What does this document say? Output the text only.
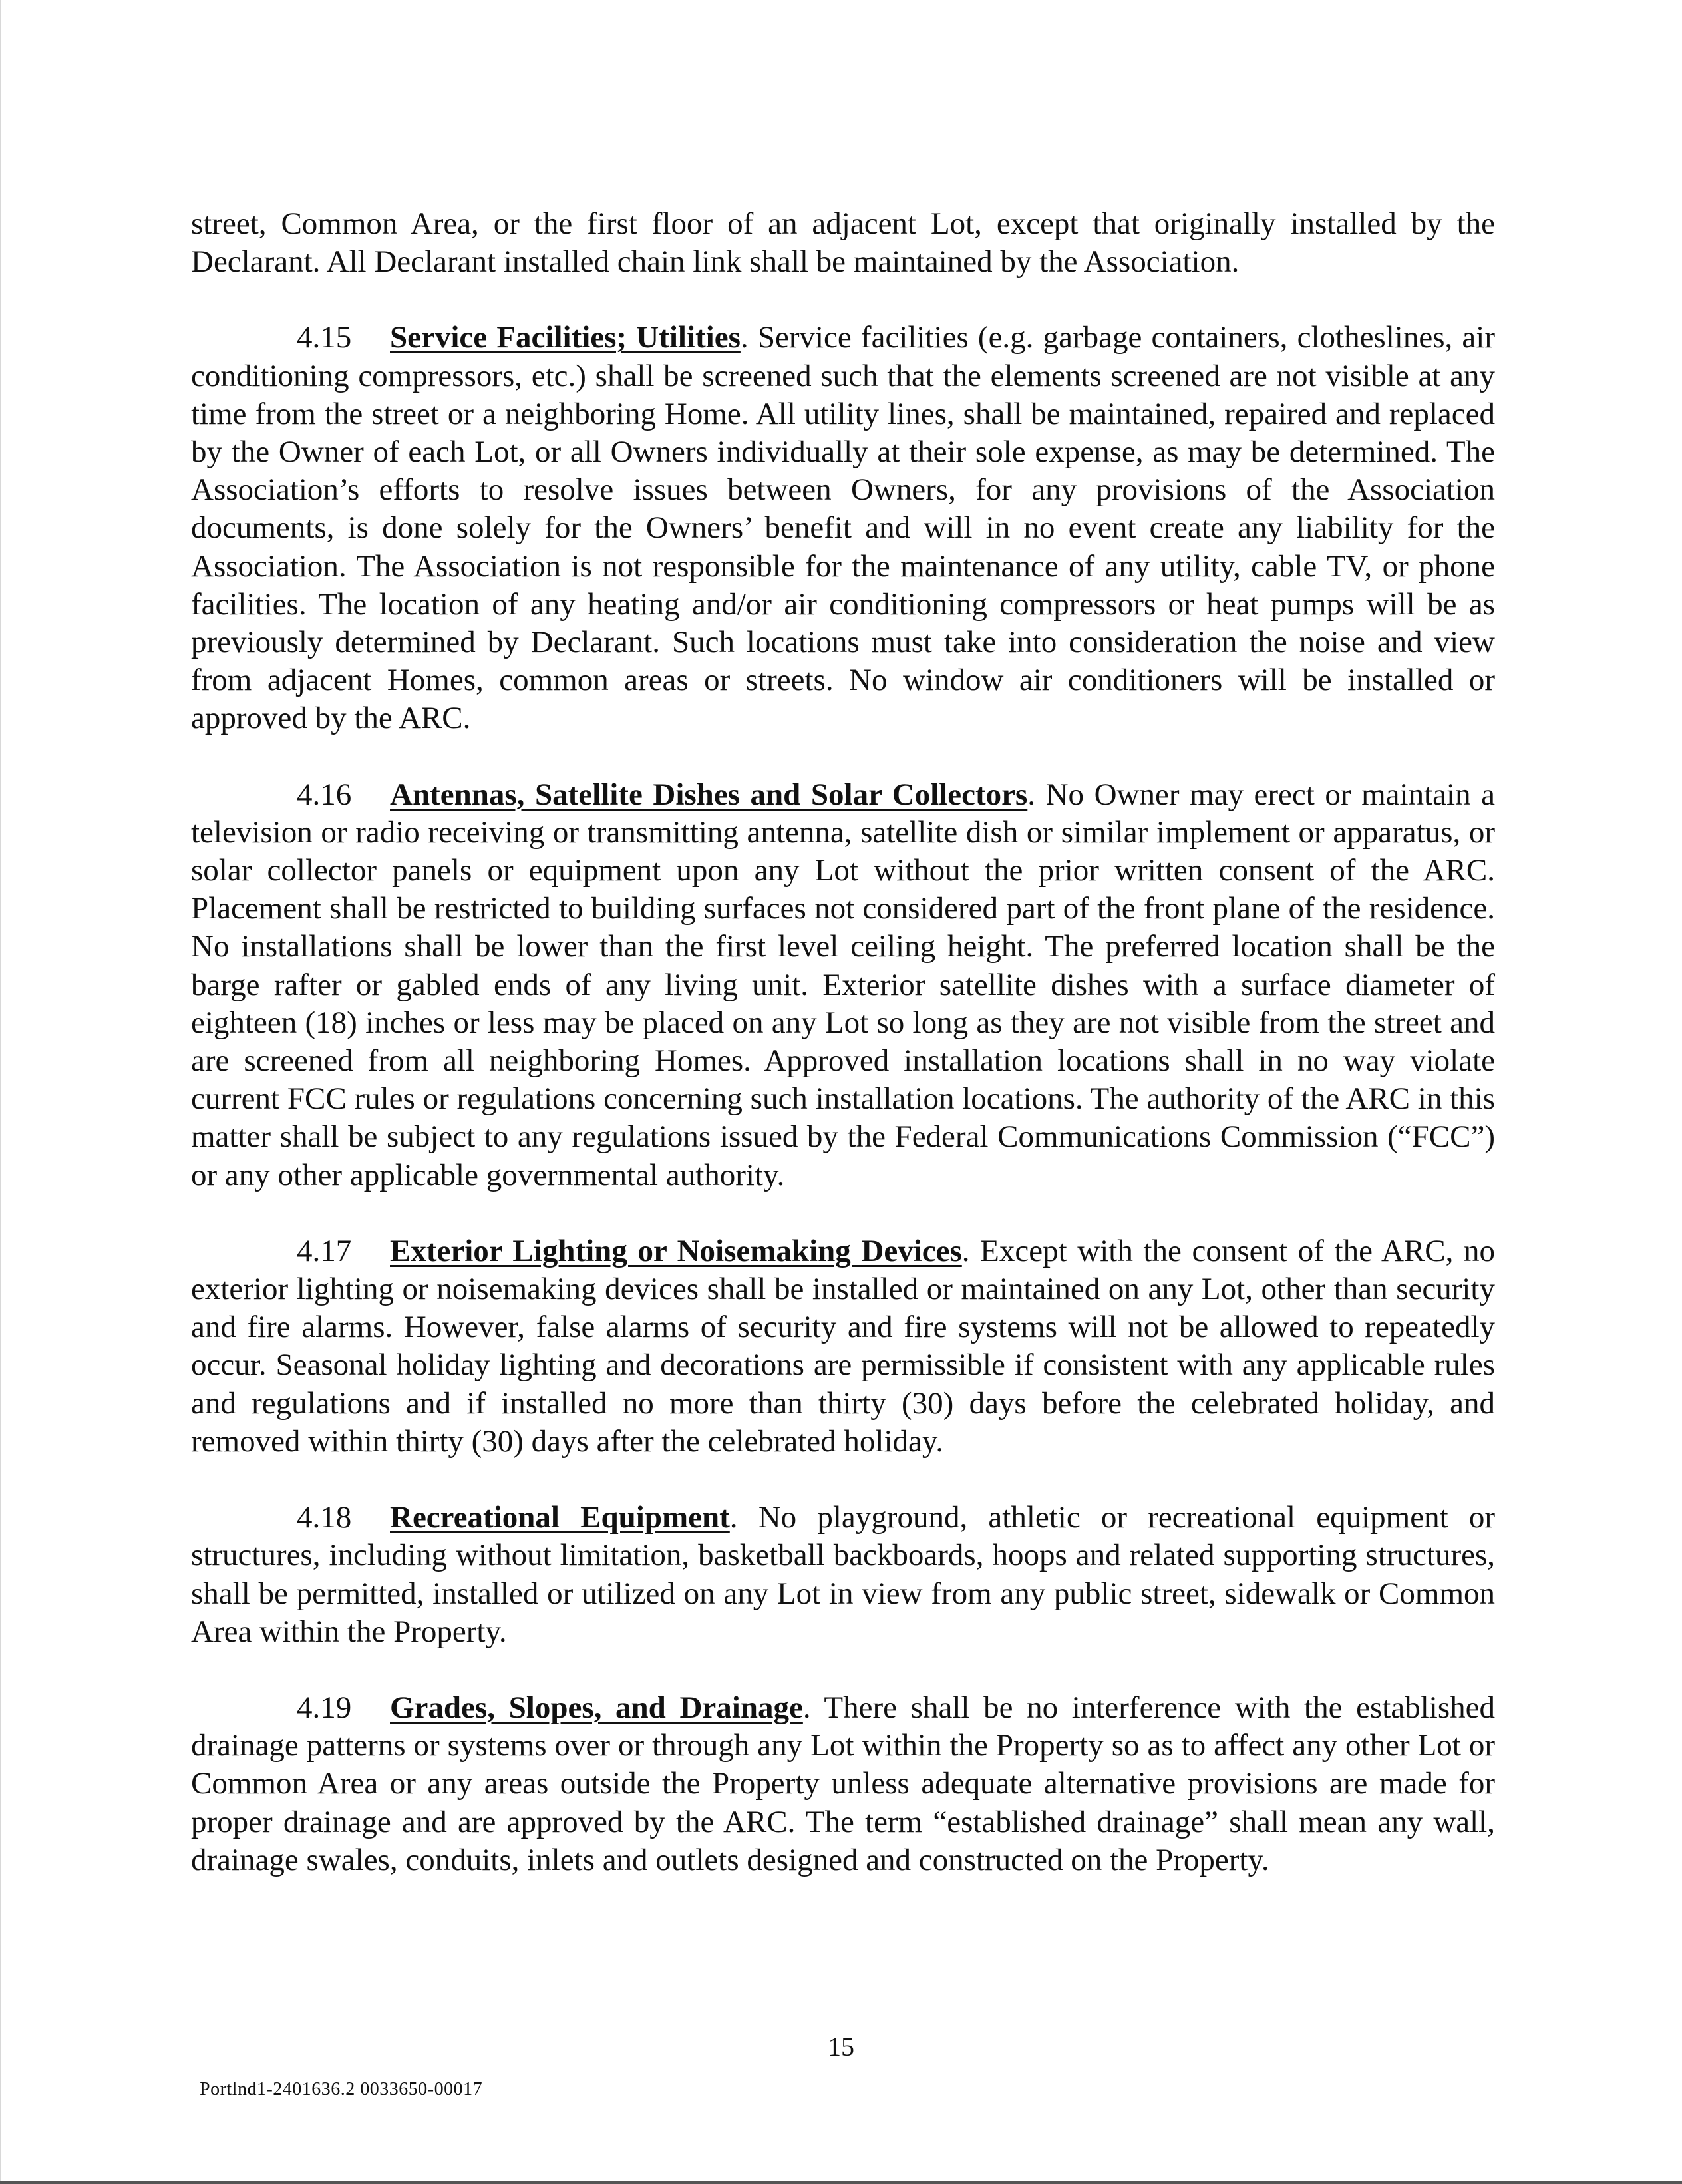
street, Common Area, or the first floor of an adjacent Lot, except that originally installed by the Declarant. All Declarant installed chain link shall be maintained by the Association.

4.15 Service Facilities; Utilities. Service facilities (e.g. garbage containers, clotheslines, air conditioning compressors, etc.) shall be screened such that the elements screened are not visible at any time from the street or a neighboring Home. All utility lines, shall be maintained, repaired and replaced by the Owner of each Lot, or all Owners individually at their sole expense, as may be determined. The Association’s efforts to resolve issues between Owners, for any provisions of the Association documents, is done solely for the Owners’ benefit and will in no event create any liability for the Association. The Association is not responsible for the maintenance of any utility, cable TV, or phone facilities. The location of any heating and/or air conditioning compressors or heat pumps will be as previously determined by Declarant. Such locations must take into consideration the noise and view from adjacent Homes, common areas or streets. No window air conditioners will be installed or approved by the ARC.

4.16 Antennas, Satellite Dishes and Solar Collectors. No Owner may erect or maintain a television or radio receiving or transmitting antenna, satellite dish or similar implement or apparatus, or solar collector panels or equipment upon any Lot without the prior written consent of the ARC. Placement shall be restricted to building surfaces not considered part of the front plane of the residence. No installations shall be lower than the first level ceiling height. The preferred location shall be the barge rafter or gabled ends of any living unit. Exterior satellite dishes with a surface diameter of eighteen (18) inches or less may be placed on any Lot so long as they are not visible from the street and are screened from all neighboring Homes. Approved installation locations shall in no way violate current FCC rules or regulations concerning such installation locations. The authority of the ARC in this matter shall be subject to any regulations issued by the Federal Communications Commission (“FCC”) or any other applicable governmental authority.

4.17 Exterior Lighting or Noisemaking Devices. Except with the consent of the ARC, no exterior lighting or noisemaking devices shall be installed or maintained on any Lot, other than security and fire alarms. However, false alarms of security and fire systems will not be allowed to repeatedly occur. Seasonal holiday lighting and decorations are permissible if consistent with any applicable rules and regulations and if installed no more than thirty (30) days before the celebrated holiday, and removed within thirty (30) days after the celebrated holiday.

4.18 Recreational Equipment. No playground, athletic or recreational equipment or structures, including without limitation, basketball backboards, hoops and related supporting structures, shall be permitted, installed or utilized on any Lot in view from any public street, sidewalk or Common Area within the Property.

4.19 Grades, Slopes, and Drainage. There shall be no interference with the established drainage patterns or systems over or through any Lot within the Property so as to affect any other Lot or Common Area or any areas outside the Property unless adequate alternative provisions are made for proper drainage and are approved by the ARC. The term “established drainage” shall mean any wall, drainage swales, conduits, inlets and outlets designed and constructed on the Property.

15
Portlnd1-2401636.2 0033650-00017
